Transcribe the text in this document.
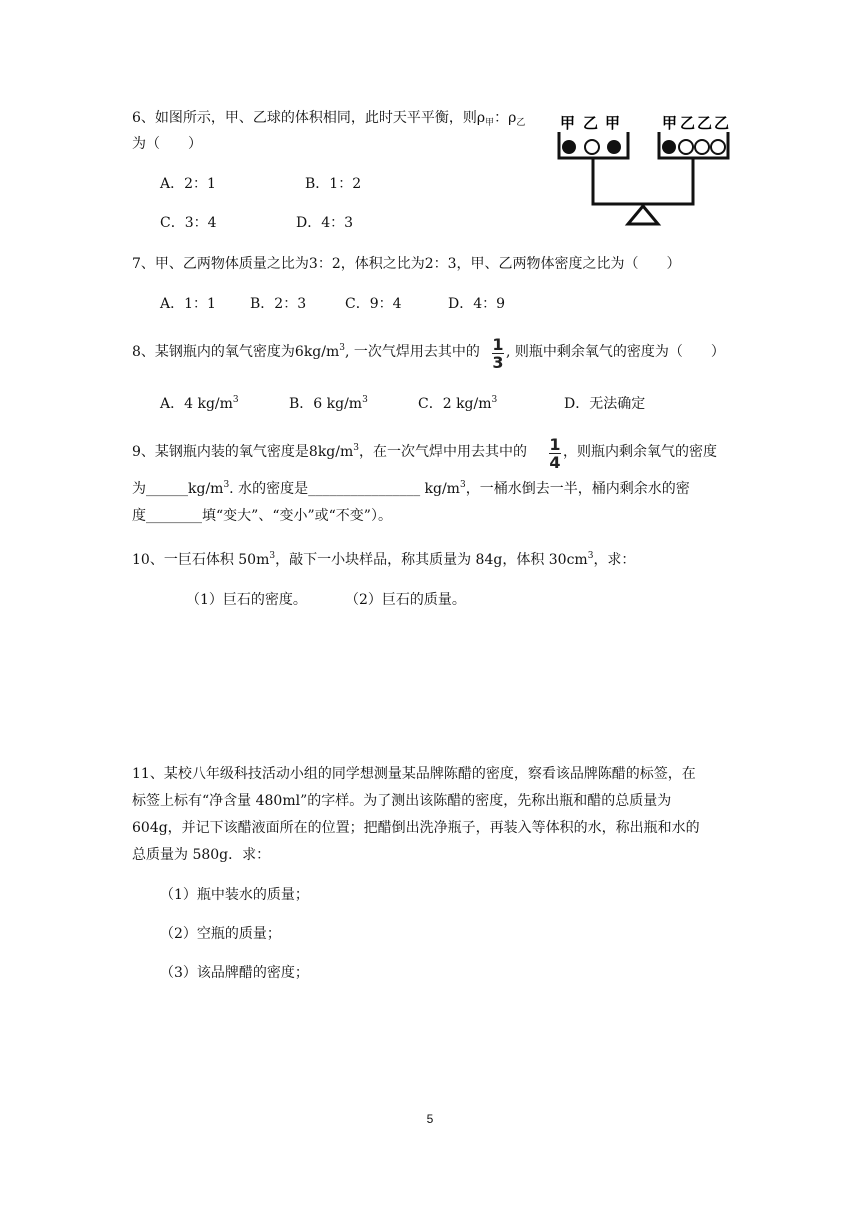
6、如图所示，甲、乙球的体积相同，此时天平平衡，则$\rho_甲$：$\rho_乙$
为（　　）
A．2：1	B．1：2
C．3：4	D．4：3
甲 乙 甲	甲 乙 乙 乙
7、甲、乙两物体质量之比为3：2，体积之比为2：3，甲、乙两物体密度之比为（　　）
A．1：1 B．2：3	C．9：4	D．4：9
8、某钢瓶内的氧气密度为$6kg/m^3$, 一次气焊用去其中的 1
3
, 则瓶中剩余氧气的密度为（　　）
A．4 $kg/m^3$	B．6 $kg/m^3$	C．2 $kg/m^3$	D．无法确定
9、某钢瓶内装的氧气密度是$8kg/m^3$，在一次气焊中用去其中的 1
4
，则瓶内剩余氧气的密度
为$\_\_\_\_\_\_kg/m^3$. 水的密度是________________ $kg/m^3$，一桶水倒去一半，桶内剩余水的密
度________填“变大”、“变小”或“不变”）。
10、一巨石体积 $50m^3$，敲下一小块样品，称其质量为 84g，体积 $30cm^3$，求：
（1）巨石的密度。	（2）巨石的质量。
11、某校八年级科技活动小组的同学想测量某品牌陈醋的密度，察看该品牌陈醋的标签，在
标签上标有“净含量 480ml”的字样。为了测出该陈醋的密度，先称出瓶和醋的总质量为
604g，并记下该醋液面所在的位置；把醋倒出洗净瓶子，再装入等体积的水，称出瓶和水的
总质量为 580g．求：
（1）瓶中装水的质量；
（2）空瓶的质量；
（3）该品牌醋的密度；
5
